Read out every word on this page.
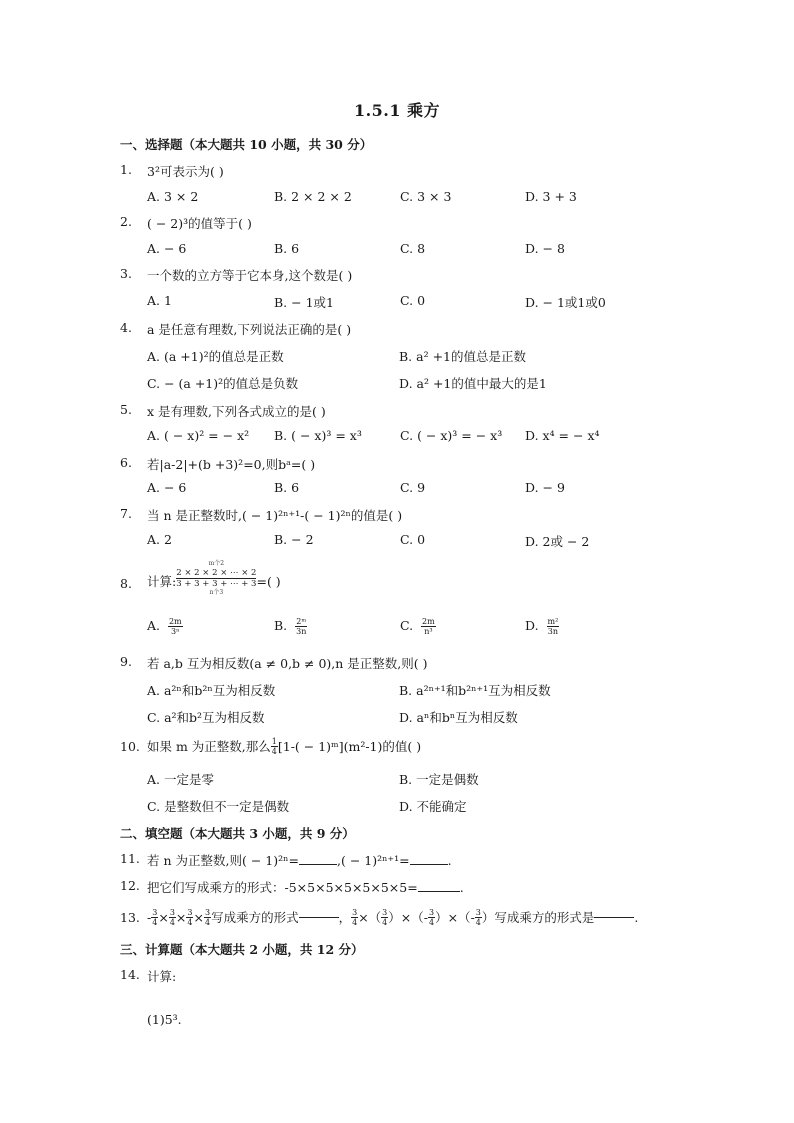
1.5.1 乘方
一、选择题（本大题共 10 小题，共 30 分）
1. 3²可表示为( )
A. 3 × 2	B. 2 × 2 × 2	C. 3 × 3	D. 3 + 3
2. ( − 2)³的值等于( )
A. − 6	B. 6	C. 8	D. − 8
3. 一个数的立方等于它本身,这个数是( )
A. 1	B. − 1或1	C. 0	D. − 1或1或0
4. a 是任意有理数,下列说法正确的是( )
A. (a +1)²的值总是正数	B. a² +1的值总是正数
C. − (a +1)²的值总是负数	D. a² +1的值中最大的是1
5. x 是有理数,下列各式成立的是( )
A. ( − x)² = − x² B. ( − x)³ = x³	C. ( − x)³ = − x³ D. x⁴ = − x⁴
6. 若|a-2|+(b +3)²=0,则bᵃ=( )
A. − 6	B. 6	C. 9	D. − 9
7. 当 n 是正整数时,( − 1)²ⁿ⁺¹-( − 1)²ⁿ的值是( )
A. 2	B. − 2	C. 0	D. 2或 − 2
8. 计算:
m个2
2 × 2 × 2 × ⋯ × 2
3 + 3 + 3 + ⋯ + 3
n个3
=( )
A. $\frac{2m}{\text{3ⁿ}}$	B. $\frac{\text{2ᵐ}}{3n}$	C. $\frac{2m}{\text{n³}}$	D. $\frac{\text{m²}}{3n}$
9. 若 a,b 互为相反数(a ≠ 0,b ≠ 0),n 是正整数,则( )
A. a²ⁿ和b²ⁿ互为相反数	B. a²ⁿ⁺¹和b²ⁿ⁺¹互为相反数
C. a²和b²互为相反数	D. aⁿ和bⁿ互为相反数
10. 如果 m 为正整数,那么 $\frac{1}{4} [1-$( − 1)ᵐ](m²-1)的值( )
A. 一定是零	B. 一定是偶数
C. 是整数但不一定是偶数	D. 不能确定
二、填空题（本大题共 3 小题，共 9 分）
11. 若 n 为正整数,则( − 1)²ⁿ=	,( − 1)²ⁿ⁺¹=	.
12. 把它们写成乘方的形式：-5×5×5×5×5×5×5=	.
13. - $\frac{3}{4} \times \frac{3}{4} \times \frac{3}{4} \times \frac{3}{4}$ 写成乘方的形式	， $\frac{3}{4}$ ×（ $\frac{3}{4}$ ）×（ - $\frac{3}{4}$ ）×（ - $\frac{3}{4}$ ）写成乘方的形式是	.
三、计算题（本大题共 2 小题，共 12 分）
14. 计算:
(1)5³.
